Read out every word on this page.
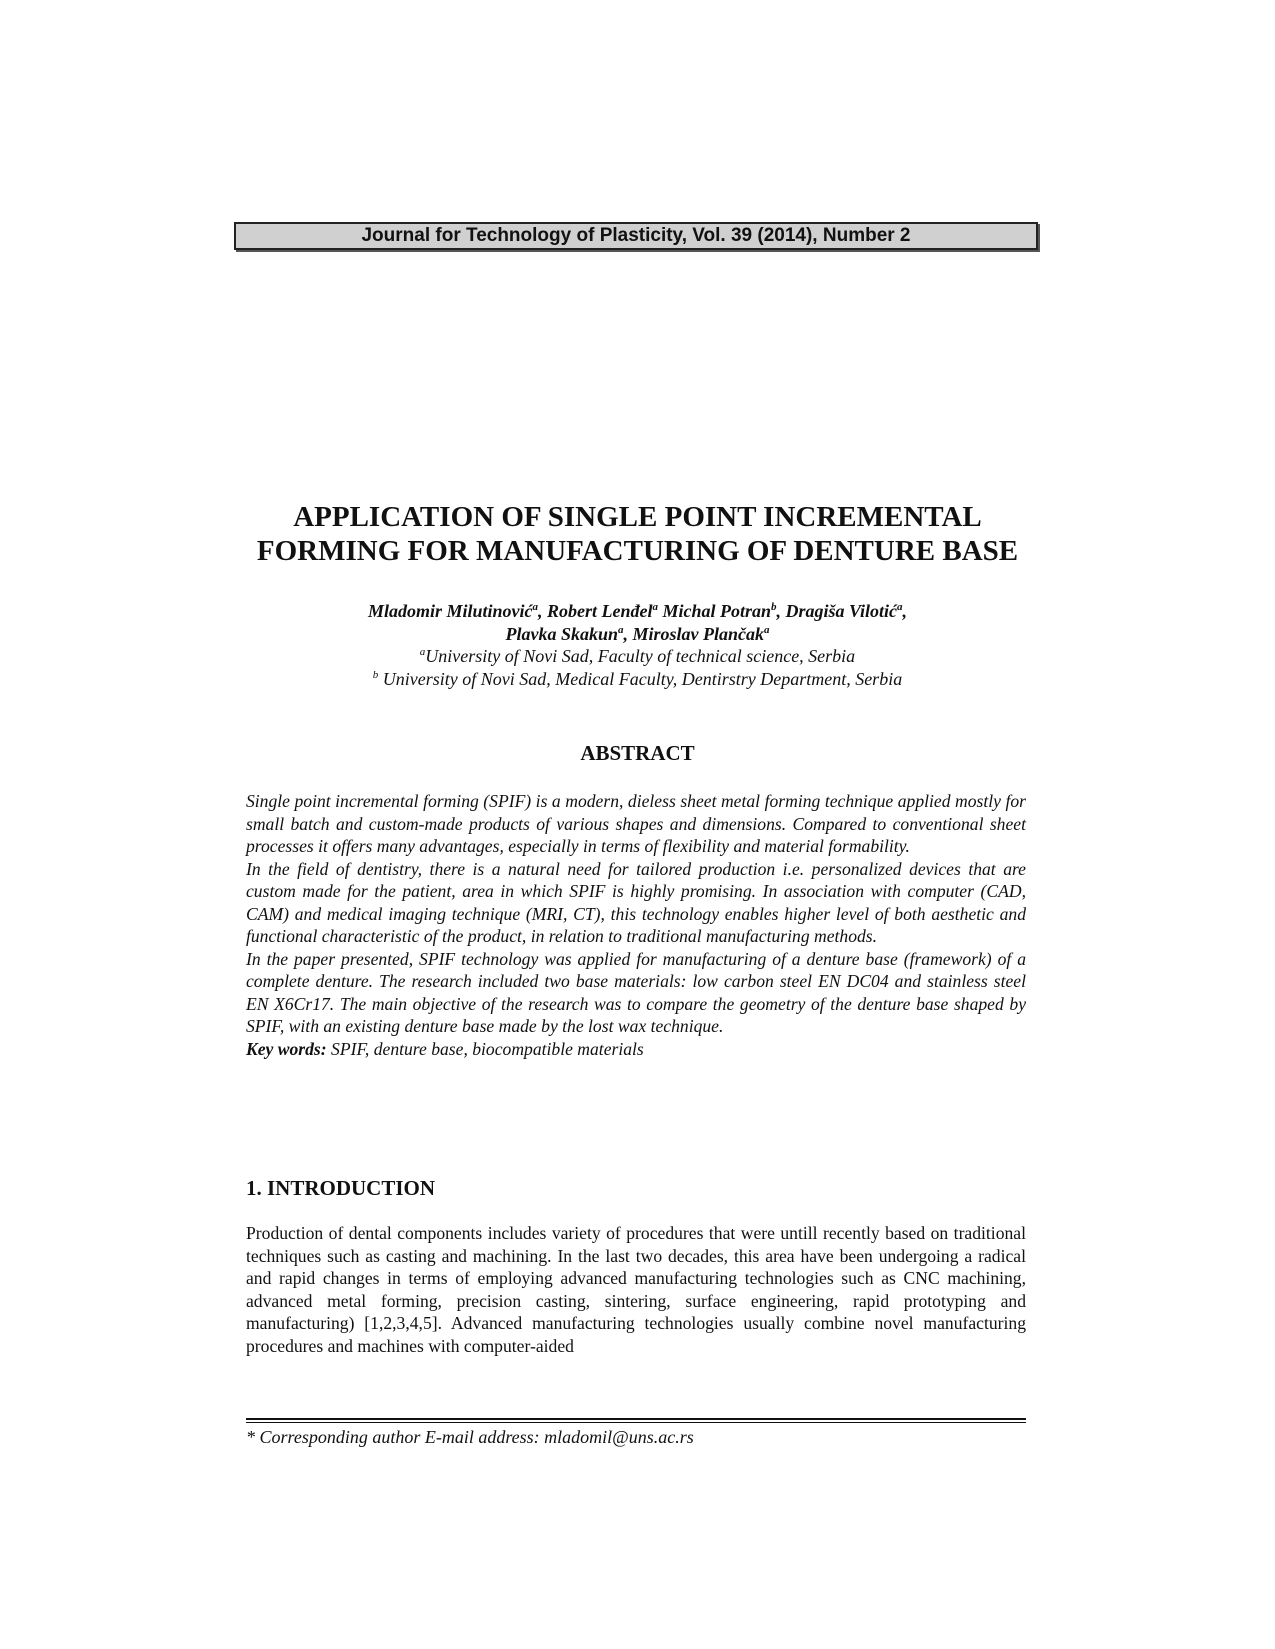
Journal for Technology of Plasticity, Vol. 39 (2014), Number 2
APPLICATION OF SINGLE POINT INCREMENTAL
FORMING FOR MANUFACTURING OF DENTURE BASE
Mladomir Milutinović$^a$, Robert Lenđel$^a$ Michal Potran$^b$, Dragiša Vilotić$^a$,
Plavka Skakun$^a$, Miroslav Plančak$^a$
$^a$University of Novi Sad, Faculty of technical science, Serbia
$^b$ University of Novi Sad, Medical Faculty, Dentirstry Department, Serbia
ABSTRACT

Single point incremental forming (SPIF) is a modern, dieless sheet metal forming technique applied mostly for small batch and custom-made products of various shapes and dimensions. Compared to conventional sheet processes it offers many advantages, especially in terms of flexibility and material formability.

In the field of dentistry, there is a natural need for tailored production i.e. personalized devices that are custom made for the patient, area in which SPIF is highly promising. In association with computer (CAD, CAM) and medical imaging technique (MRI, CT), this technology enables higher level of both aesthetic and functional characteristic of the product, in relation to traditional manufacturing methods.

In the paper presented, SPIF technology was applied for manufacturing of a denture base (framework) of a complete denture. The research included two base materials: low carbon steel EN DC04 and stainless steel EN X6Cr17. The main objective of the research was to compare the geometry of the denture base shaped by SPIF, with an existing denture base made by the lost wax technique.

Key words: SPIF, denture base, biocompatible materials

1. INTRODUCTION

Production of dental components includes variety of procedures that were untill recently based on traditional techniques such as casting and machining. In the last two decades, this area have been undergoing a radical and rapid changes in terms of employing advanced manufacturing technologies such as CNC machining, advanced metal forming, precision casting, sintering, surface engineering, rapid prototyping and manufacturing) [1,2,3,4,5]. Advanced manufacturing technologies usually combine novel manufacturing procedures and machines with computer-aided

* Corresponding author E-mail address: mladomil@uns.ac.rs
